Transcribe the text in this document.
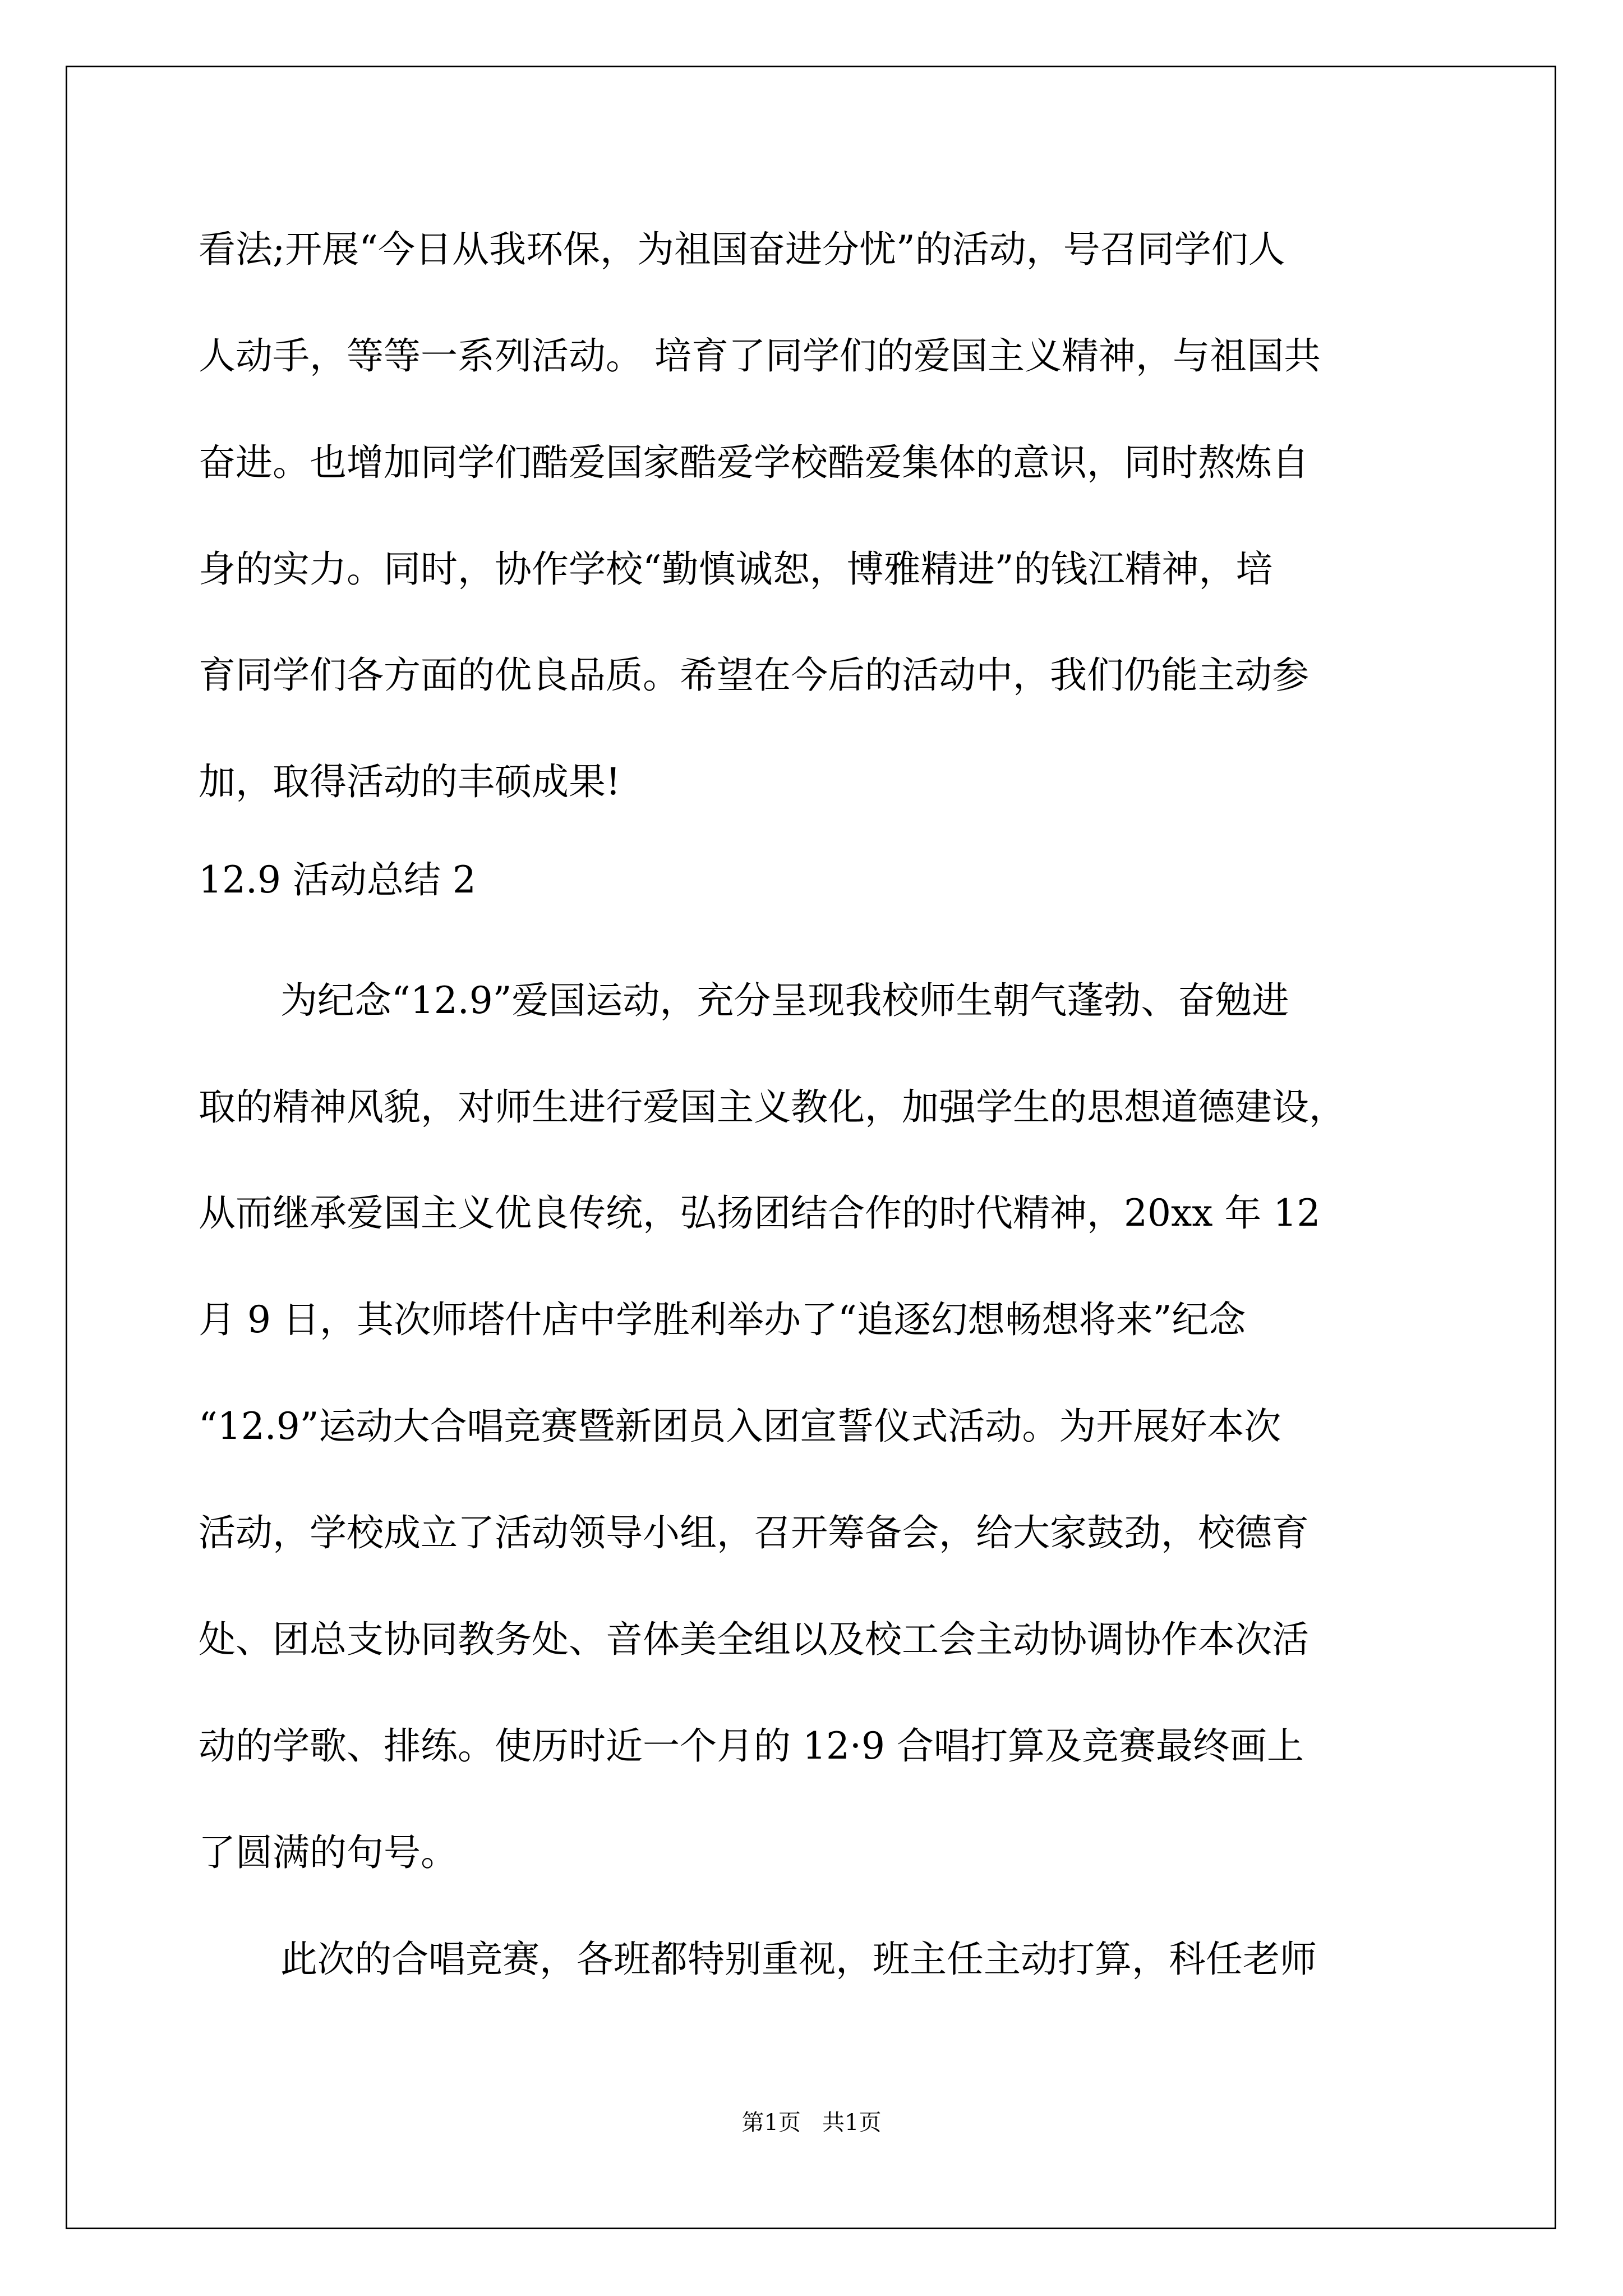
看法;开展“今日从我环保，为祖国奋进分忧”的活动，号召同学们人
人动手，等等一系列活动。 培育了同学们的爱国主义精神，与祖国共
奋进。也增加同学们酷爱国家酷爱学校酷爱集体的意识，同时熬炼自
身的实力。同时，协作学校“勤慎诚恕，博雅精进”的钱江精神，培
育同学们各方面的优良品质。希望在今后的活动中，我们仍能主动参
加，取得活动的丰硕成果!
12.9 活动总结 2
为纪念“12.9”爱国运动，充分呈现我校师生朝气蓬勃、奋勉进
取的精神风貌，对师生进行爱国主义教化，加强学生的思想道德建设，
从而继承爱国主义优良传统，弘扬团结合作的时代精神，20xx 年 12
月 9 日，其次师塔什店中学胜利举办了“追逐幻想畅想将来”纪念
“12.9”运动大合唱竞赛暨新团员入团宣誓仪式活动。为开展好本次
活动，学校成立了活动领导小组，召开筹备会，给大家鼓劲，校德育
处、团总支协同教务处、音体美全组以及校工会主动协调协作本次活
动的学歌、排练。使历时近一个月的 12·9 合唱打算及竞赛最终画上
了圆满的句号。
此次的合唱竞赛，各班都特别重视，班主任主动打算，科任老师
第1页   共1页
